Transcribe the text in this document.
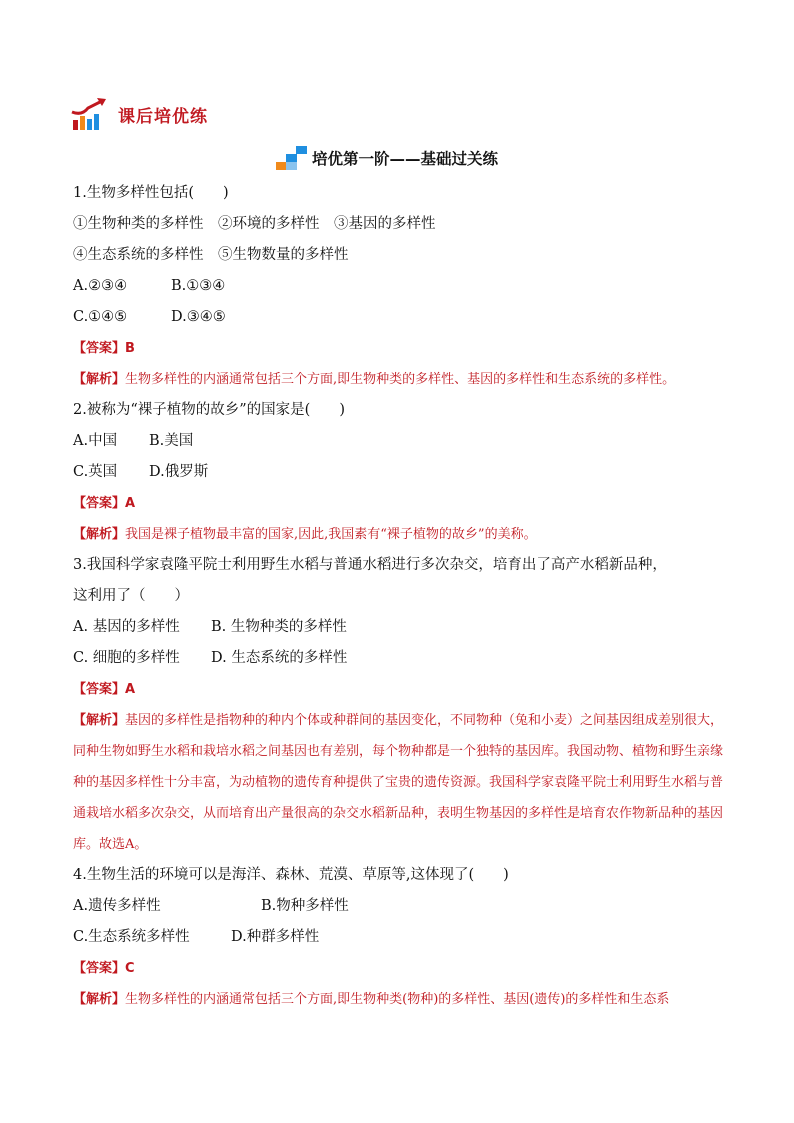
课后培优练
培优第一阶——基础过关练
1.生物多样性包括(　　)
①生物种类的多样性　②环境的多样性　③基因的多样性
④生态系统的多样性　⑤生物数量的多样性
A.②③④	B.①③④
C.①④⑤	D.③④⑤
【答案】B
【解析】生物多样性的内涵通常包括三个方面,即生物种类的多样性、基因的多样性和生态系统的多样性。
2.被称为“裸子植物的故乡”的国家是(　　)
A.中国 B.美国
C.英国 D.俄罗斯
【答案】A
【解析】我国是裸子植物最丰富的国家,因此,我国素有“裸子植物的故乡”的美称。
3.我国科学家袁隆平院士利用野生水稻与普通水稻进行多次杂交，培育出了高产水稻新品种，
这利用了（　　）
A. 基因的多样性 B. 生物种类的多样性
C. 细胞的多样性 D. 生态系统的多样性
【答案】A
【解析】基因的多样性是指物种的种内个体或种群间的基因变化，不同物种（兔和小麦）之间基因组成差别很大，同种生物如野生水稻和栽培水稻之间基因也有差别，每个物种都是一个独特的基因库。我国动物、植物和野生亲缘种的基因多样性十分丰富，为动植物的遗传育种提供了宝贵的遗传资源。我国科学家袁隆平院士利用野生水稻与普通栽培水稻多次杂交，从而培育出产量很高的杂交水稻新品种，表明生物基因的多样性是培育农作物新品种的基因库。故选A。
4.生物生活的环境可以是海洋、森林、荒漠、草原等,这体现了(　　)
A.遗传多样性	B.物种多样性
C.生态系统多样性	D.种群多样性
【答案】C
【解析】生物多样性的内涵通常包括三个方面,即生物种类(物种)的多样性、基因(遗传)的多样性和生态系
